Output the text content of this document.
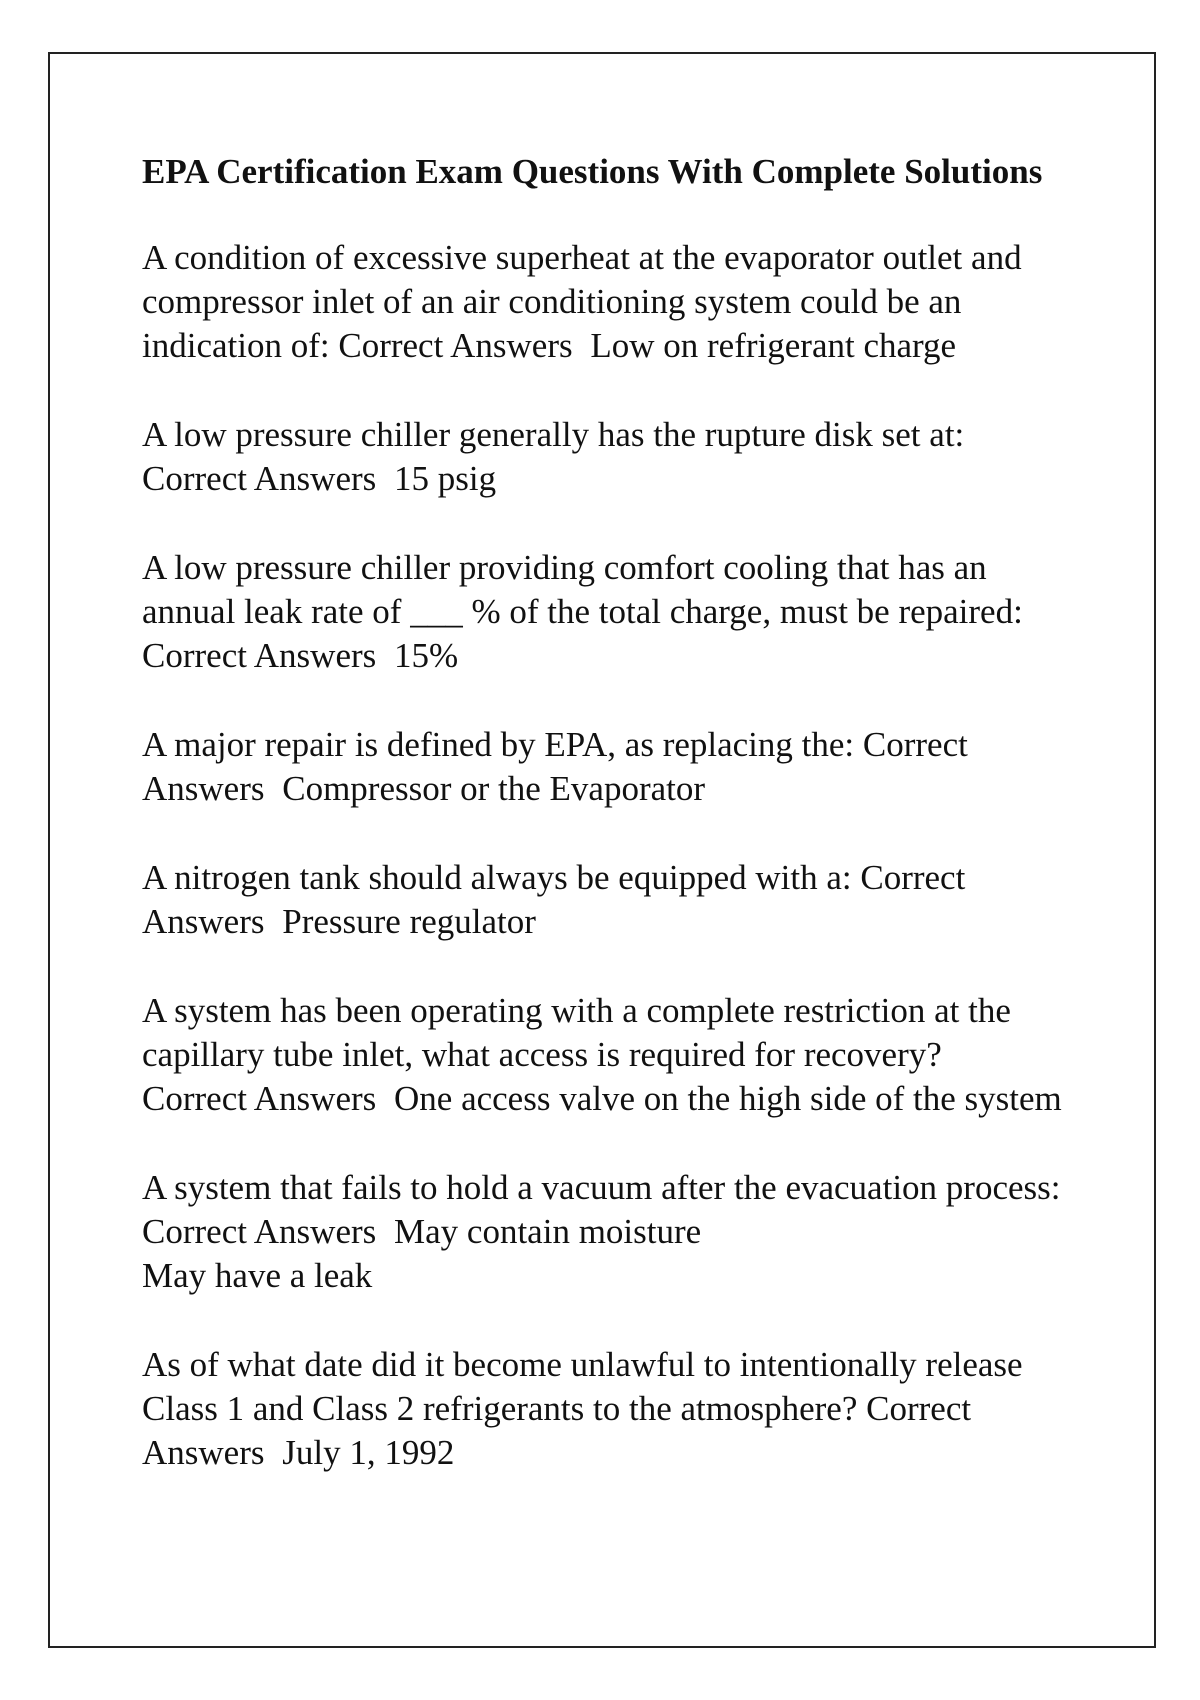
EPA Certification Exam Questions With Complete Solutions
A condition of excessive superheat at the evaporator outlet and compressor inlet of an air conditioning system could be an indication of: Correct Answers Low on refrigerant charge
A low pressure chiller generally has the rupture disk set at:
Correct Answers 15 psig
A low pressure chiller providing comfort cooling that has an annual leak rate of ___ % of the total charge, must be repaired:
Correct Answers 15%
A major repair is defined by EPA, as replacing the: Correct Answers Compressor or the Evaporator
A nitrogen tank should always be equipped with a: Correct Answers Pressure regulator
A system has been operating with a complete restriction at the capillary tube inlet, what access is required for recovery?
Correct Answers One access valve on the high side of the system
A system that fails to hold a vacuum after the evacuation process: Correct Answers May contain moisture
May have a leak
As of what date did it become unlawful to intentionally release Class 1 and Class 2 refrigerants to the atmosphere? Correct Answers July 1, 1992
